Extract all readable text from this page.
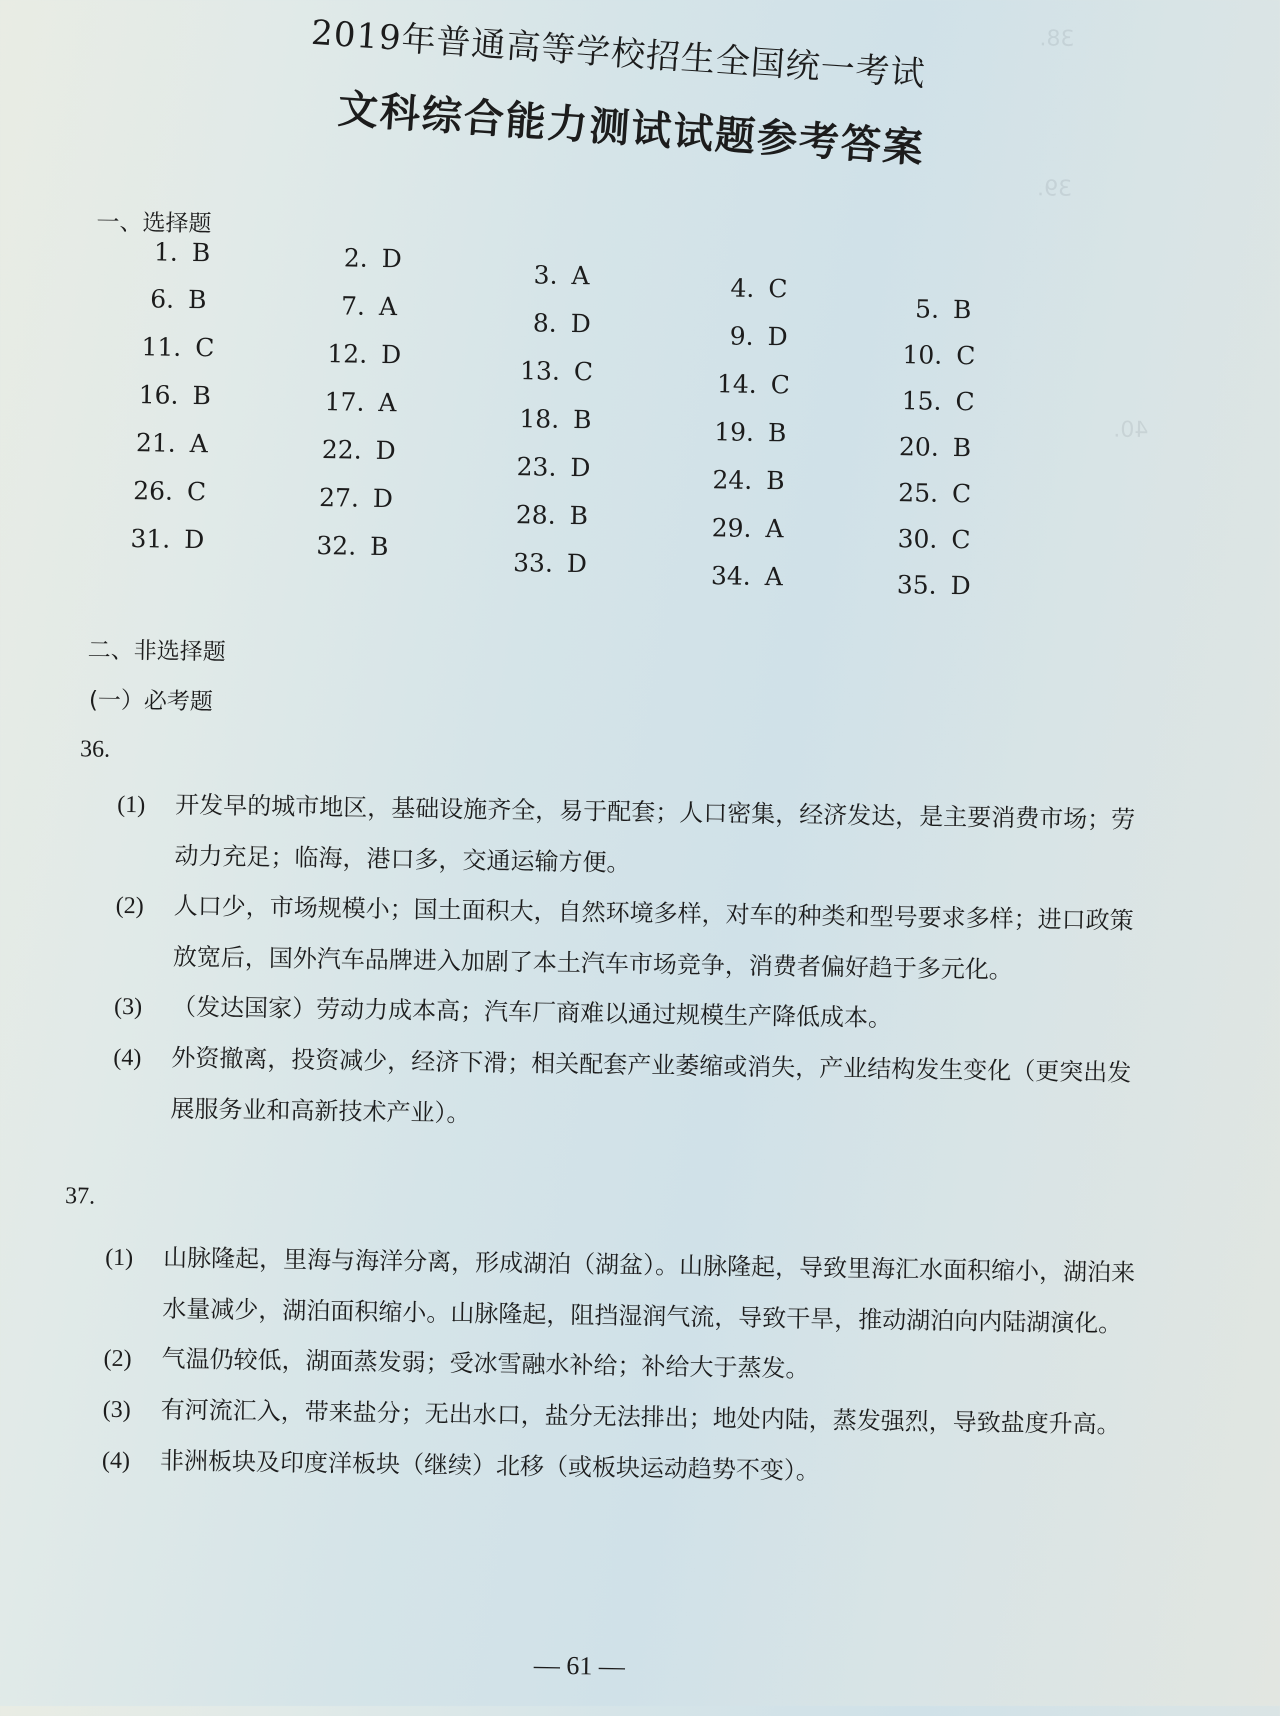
38.
39.
40.
2019年普通高等学校招生全国统一考试
文科综合能力测试试题参考答案
一、选择题
1. B
6. B
11. C
16. B
21. A
26. C
31. D
2. D
7. A
12. D
17. A
22. D
27. D
32. B
3. A
8. D
13. C
18. B
23. D
28. B
33. D
4. C
9. D
14. C
19. B
24. B
29. A
34. A
5. B
10. C
15. C
20. B
25. C
30. C
35. D
二、非选择题
(一）必考题
36.
(1) 开发早的城市地区，基础设施齐全，易于配套；人口密集，经济发达，是主要消费市场；劳动力充足；临海，港口多，交通运输方便。
(2) 人口少，市场规模小；国土面积大，自然环境多样，对车的种类和型号要求多样；进口政策放宽后，国外汽车品牌进入加剧了本土汽车市场竞争，消费者偏好趋于多元化。
(3) （发达国家）劳动力成本高；汽车厂商难以通过规模生产降低成本。
(4) 外资撤离，投资减少，经济下滑；相关配套产业萎缩或消失，产业结构发生变化（更突出发展服务业和高新技术产业）。
37.
(1) 山脉隆起，里海与海洋分离，形成湖泊（湖盆）。山脉隆起，导致里海汇水面积缩小，湖泊来水量减少，湖泊面积缩小。山脉隆起，阻挡湿润气流，导致干旱，推动湖泊向内陆湖演化。
(2) 气温仍较低，湖面蒸发弱；受冰雪融水补给；补给大于蒸发。
(3) 有河流汇入，带来盐分；无出水口，盐分无法排出；地处内陆，蒸发强烈，导致盐度升高。
(4) 非洲板块及印度洋板块（继续）北移（或板块运动趋势不变）。
— 61 —
